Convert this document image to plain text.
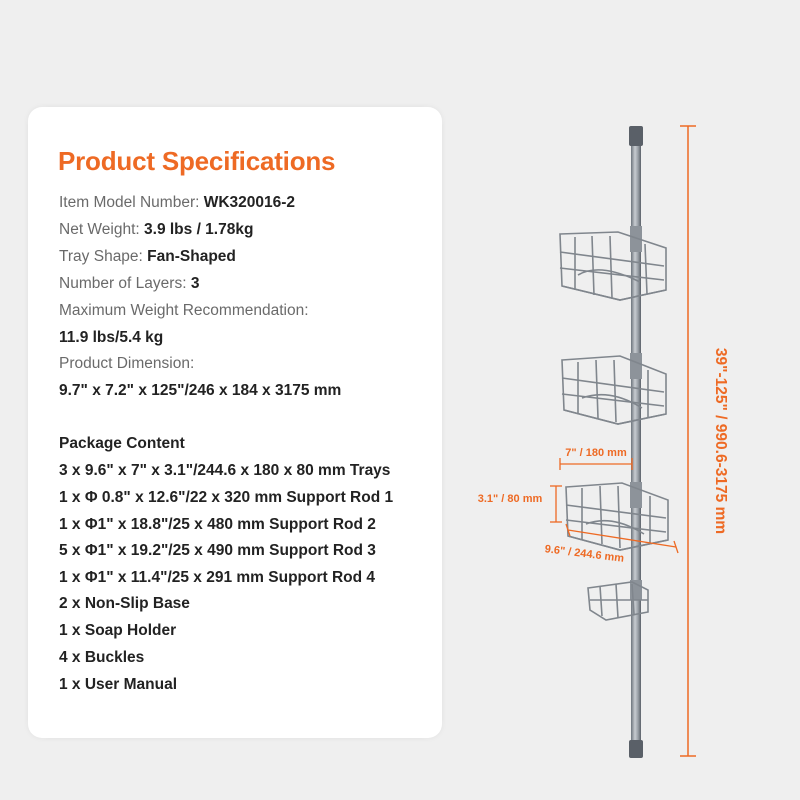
Product Specifications
Item Model Number: WK320016-2
Net Weight: 3.9 lbs / 1.78kg
Tray Shape: Fan-Shaped
Number of Layers: 3
Maximum Weight Recommendation:
11.9 lbs/5.4 kg
Product Dimension:
9.7" x 7.2" x 125"/246 x 184 x 3175 mm
Package Content
3 x 9.6" x 7" x 3.1"/244.6 x 180 x 80 mm Trays
1 x Φ 0.8" x 12.6"/22 x 320 mm Support Rod 1
1 x Φ1" x 18.8"/25 x 480 mm Support Rod 2
5 x Φ1" x 19.2"/25 x 490 mm Support Rod 3
1 x Φ1" x 11.4"/25 x 291 mm Support Rod 4
2 x Non-Slip Base
1 x Soap Holder
4 x Buckles
1 x User Manual
39"-125" / 990.6-3175 mm
7" / 180 mm
3.1" / 80 mm
9.6" / 244.6 mm
